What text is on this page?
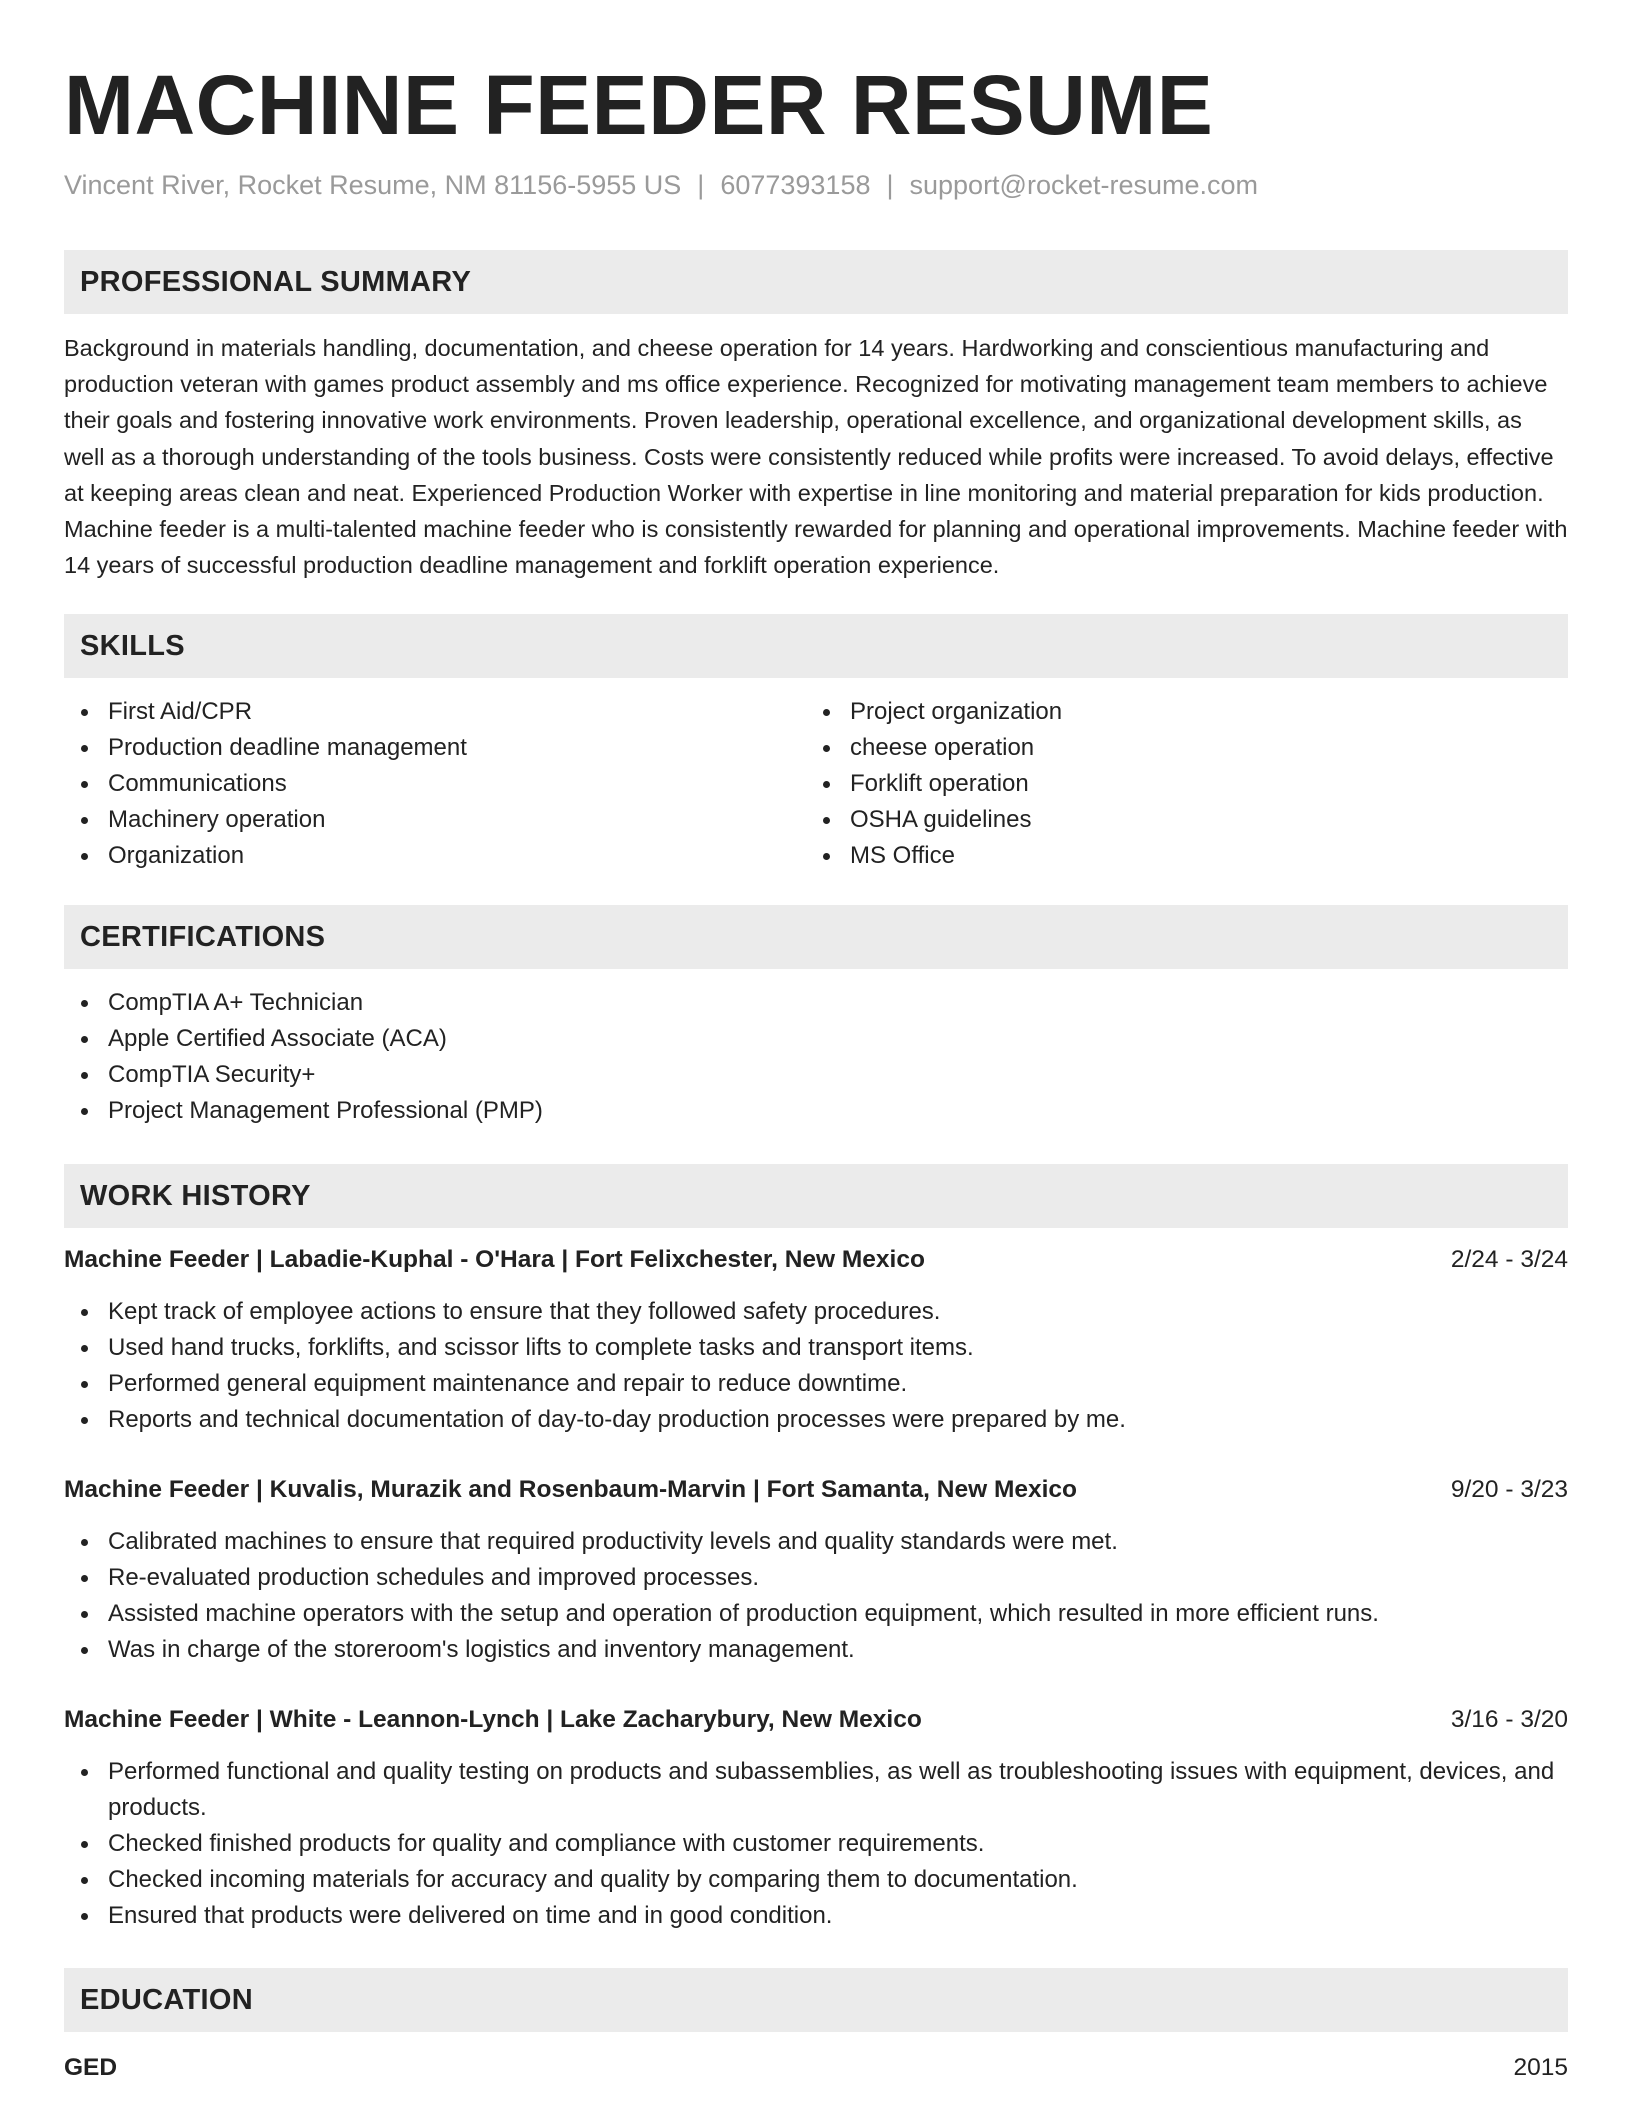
MACHINE FEEDER RESUME
Vincent River, Rocket Resume, NM 81156-5955 US | 6077393158 | support@rocket-resume.com
PROFESSIONAL SUMMARY

Background in materials handling, documentation, and cheese operation for 14 years. Hardworking and conscientious manufacturing and production veteran with games product assembly and ms office experience. Recognized for motivating management team members to achieve their goals and fostering innovative work environments. Proven leadership, operational excellence, and organizational development skills, as well as a thorough understanding of the tools business. Costs were consistently reduced while profits were increased. To avoid delays, effective at keeping areas clean and neat. Experienced Production Worker with expertise in line monitoring and material preparation for kids production. Machine feeder is a multi-talented machine feeder who is consistently rewarded for planning and operational improvements. Machine feeder with 14 years of successful production deadline management and forklift operation experience.

SKILLS
First Aid/CPR
Production deadline management
Communications
Machinery operation
Organization
Project organization
cheese operation
Forklift operation
OSHA guidelines
MS Office
CERTIFICATIONS
CompTIA A+ Technician
Apple Certified Associate (ACA)
CompTIA Security+
Project Management Professional (PMP)
WORK HISTORY
Machine Feeder | Labadie-Kuphal - O'Hara | Fort Felixchester, New Mexico	2/24 - 3/24
Kept track of employee actions to ensure that they followed safety procedures.
Used hand trucks, forklifts, and scissor lifts to complete tasks and transport items.
Performed general equipment maintenance and repair to reduce downtime.
Reports and technical documentation of day-to-day production processes were prepared by me.
Machine Feeder | Kuvalis, Murazik and Rosenbaum-Marvin | Fort Samanta, New Mexico	9/20 - 3/23
Calibrated machines to ensure that required productivity levels and quality standards were met.
Re-evaluated production schedules and improved processes.
Assisted machine operators with the setup and operation of production equipment, which resulted in more efficient runs.
Was in charge of the storeroom's logistics and inventory management.
Machine Feeder | White - Leannon-Lynch | Lake Zacharybury, New Mexico	3/16 - 3/20
Performed functional and quality testing on products and subassemblies, as well as troubleshooting issues with equipment, devices, and products.
Checked finished products for quality and compliance with customer requirements.
Checked incoming materials for accuracy and quality by comparing them to documentation.
Ensured that products were delivered on time and in good condition.
EDUCATION
GED	2015
